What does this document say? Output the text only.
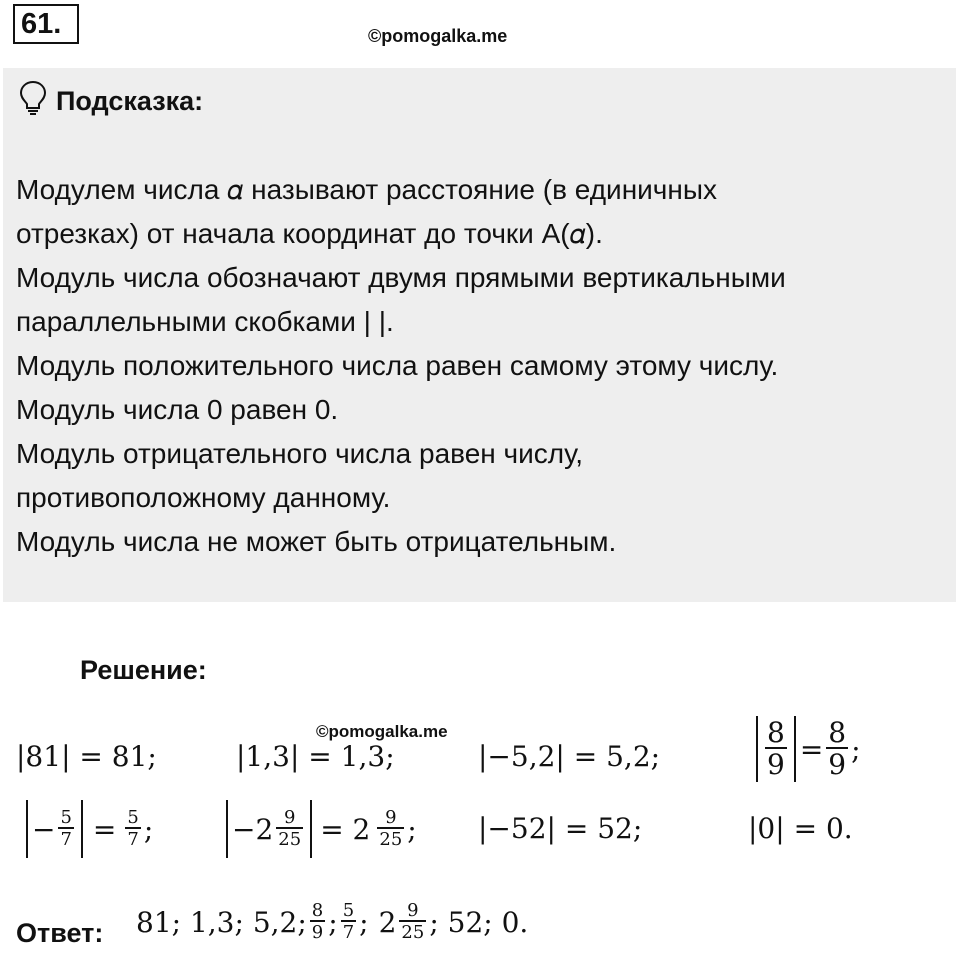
61.	©pomogalka.me
Подсказка:

Модулем числа 𝛼 называют расстояние (в единичных

отрезках) от начала координат до точки А(𝛼).

Модуль числа обозначают двумя прямыми вертикальными

параллельными скобками | |.

Модуль положительного числа равен самому этому числу.

Модуль числа 0 равен 0.

Модуль отрицательного числа равен числу,

противоположному данному.

Модуль числа не может быть отрицательным.

Решение:
©pomogalka.me
|81| = 81;	|1,3| = 1,3;	|−5,2| = 5,2;	$\frac{8}{9} = \frac{8}{9}$ ;
− $\frac{5}{7} = \frac{5}{7}$ ;	$-2 \frac{9}{25} = 2 \frac{9}{25}$ ; |−52| = 52;	|0| = 0.
Ответ: 81; 1,3; 5,2; $\frac{8}{9}$ ; $\frac{5}{7}$ ; $2 \frac{9}{25}$ ; 52; 0.
